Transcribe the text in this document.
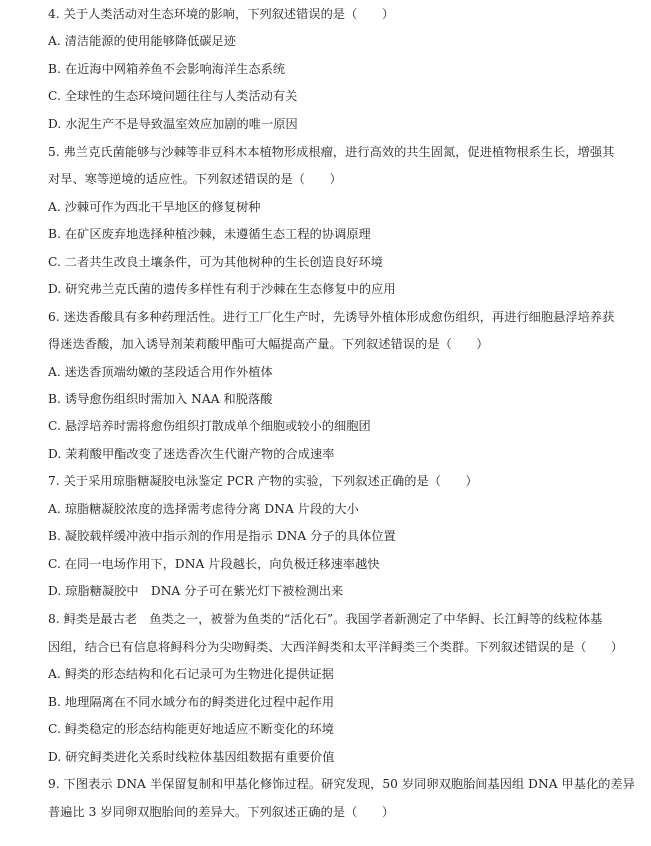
4. 关于人类活动对生态环境的影响，下列叙述错误的是（　　）
A. 清洁能源的使用能够降低碳足迹
B. 在近海中网箱养鱼不会影响海洋生态系统
C. 全球性的生态环境问题往往与人类活动有关
D. 水泥生产不是导致温室效应加剧的唯一原因
5. 弗兰克氏菌能够与沙棘等非豆科木本植物形成根瘤，进行高效的共生固氮，促进植物根系生长，增强其
对旱、寒等逆境的适应性。下列叙述错误的是（　　）
A. 沙棘可作为西北干旱地区的修复树种
B. 在矿区废弃地选择种植沙棘，未遵循生态工程的协调原理
C. 二者共生改良土壤条件，可为其他树种的生长创造良好环境
D. 研究弗兰克氏菌的遗传多样性有利于沙棘在生态修复中的应用
6. 迷迭香酸具有多种药理活性。进行工厂化生产时，先诱导外植体形成愈伤组织，再进行细胞悬浮培养获
得迷迭香酸，加入诱导剂茉莉酸甲酯可大幅提高产量。下列叙述错误的是（　　）
A. 迷迭香顶端幼嫩的茎段适合用作外植体
B. 诱导愈伤组织时需加入 NAA 和脱落酸
C. 悬浮培养时需将愈伤组织打散成单个细胞或较小的细胞团
D. 茉莉酸甲酯改变了迷迭香次生代谢产物的合成速率
7. 关于采用琼脂糖凝胶电泳鉴定 PCR 产物的实验，下列叙述正确的是（　　）
A. 琼脂糖凝胶浓度的选择需考虑待分离 DNA 片段的大小
B. 凝胶载样缓冲液中指示剂的作用是指示 DNA 分子的具体位置
C. 在同一电场作用下，DNA 片段越长，向负极迁移速率越快
D. 琼脂糖凝胶中　DNA 分子可在紫光灯下被检测出来
8. 鲟类是最古老　鱼类之一，被誉为鱼类的“活化石”。我国学者新测定了中华鲟、长江鲟等的线粒体基
因组，结合已有信息将鲟科分为尖吻鲟类、大西洋鲟类和太平洋鲟类三个类群。下列叙述错误的是（　　）
A. 鲟类的形态结构和化石记录可为生物进化提供证据
B. 地理隔离在不同水域分布的鲟类进化过程中起作用
C. 鲟类稳定的形态结构能更好地适应不断变化的环境
D. 研究鲟类进化关系时线粒体基因组数据有重要价值
9. 下图表示 DNA 半保留复制和甲基化修饰过程。研究发现，50 岁同卵双胞胎间基因组 DNA 甲基化的差异
普遍比 3 岁同卵双胞胎间的差异大。下列叙述正确的是（　　）
